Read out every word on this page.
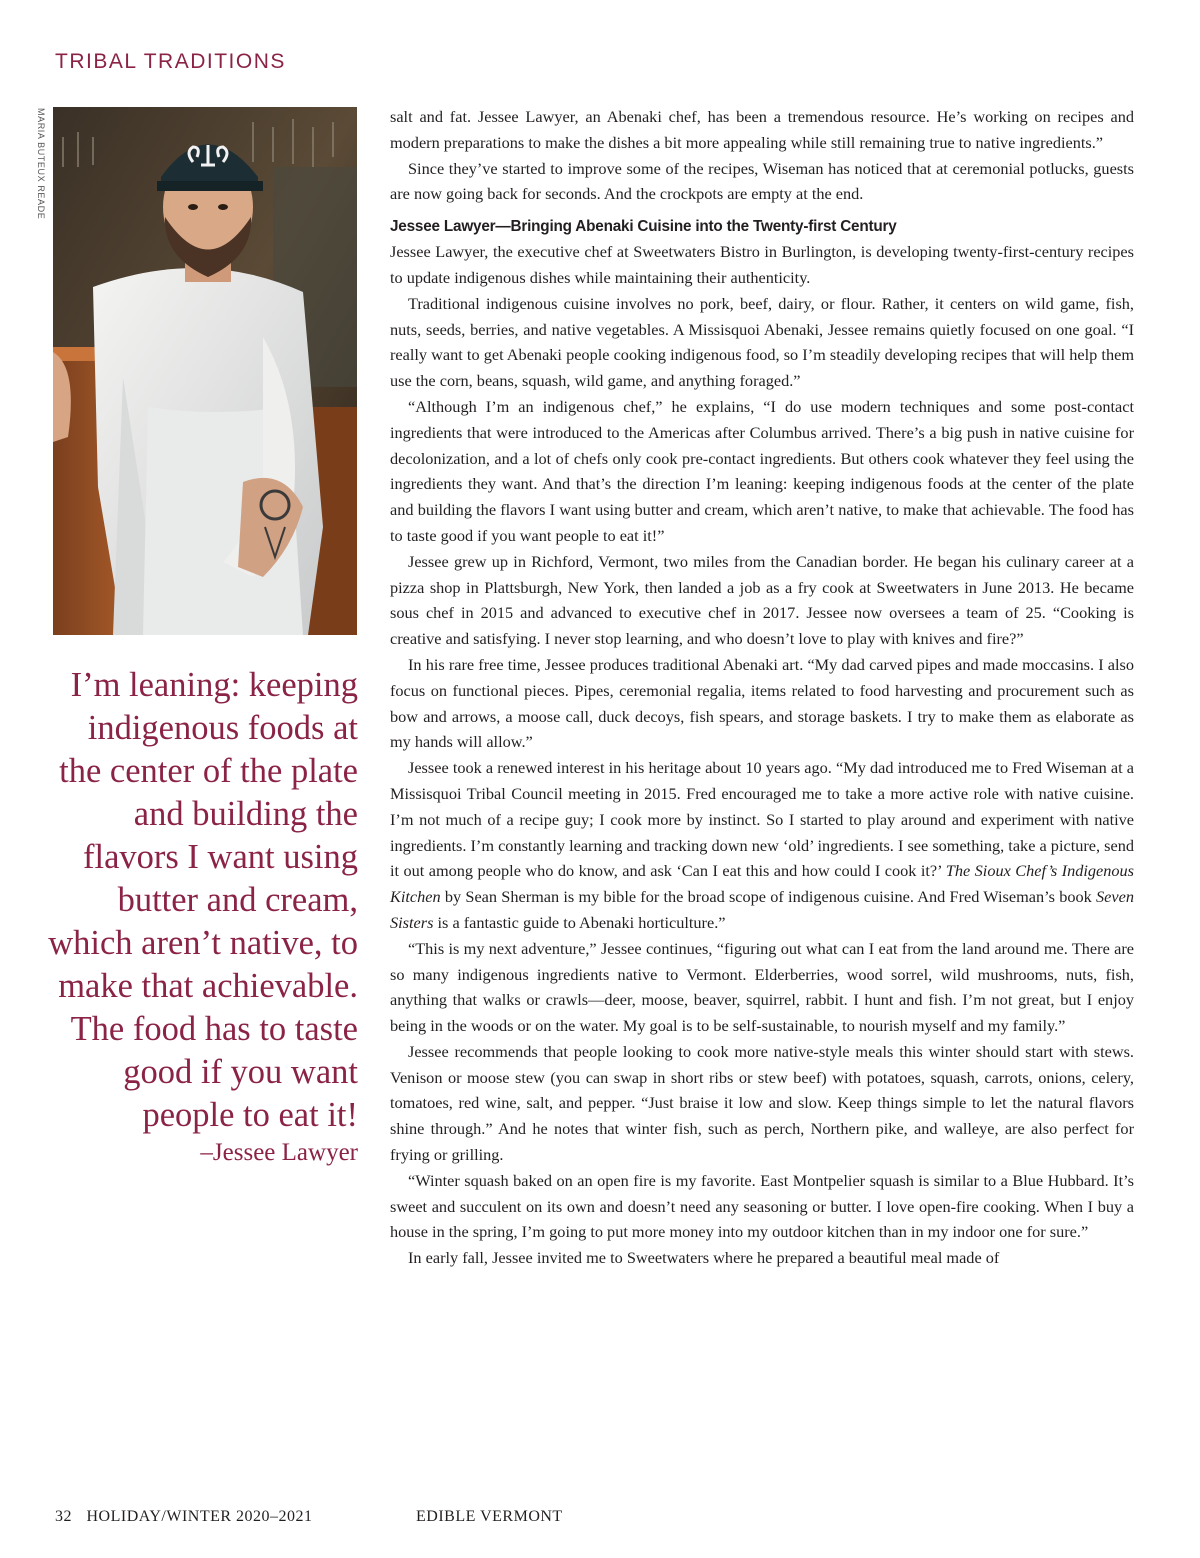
TRIBAL TRADITIONS
MARIA BUTEUX READE
I’m leaning: keeping
indigenous foods at
the center of the plate
and building the
flavors I want using
butter and cream,
which aren’t native, to
make that achievable.
The food has to taste
good if you want
people to eat it!
–Jessee Lawyer

salt and fat. Jessee Lawyer, an Abenaki chef, has been a tremendous resource. He’s working on recipes and modern preparations to make the dishes a bit more appealing while still remaining true to native ingredients.”

Since they’ve started to improve some of the recipes, Wiseman has noticed that at ceremonial potlucks, guests are now going back for seconds. And the crockpots are empty at the end.

Jessee Lawyer—Bringing Abenaki Cuisine into the Twenty-first Century

Jessee Lawyer, the executive chef at Sweetwaters Bistro in Burlington, is developing twenty-first-century recipes to update indigenous dishes while maintaining their authenticity.

Traditional indigenous cuisine involves no pork, beef, dairy, or flour. Rather, it centers on wild game, fish, nuts, seeds, berries, and native vegetables. A Missisquoi Abenaki, Jessee remains quietly focused on one goal. “I really want to get Abenaki people cooking indigenous food, so I’m steadily developing recipes that will help them use the corn, beans, squash, wild game, and anything foraged.”

“Although I’m an indigenous chef,” he explains, “I do use modern techniques and some post-contact ingredients that were introduced to the Americas after Columbus arrived. There’s a big push in native cuisine for decolonization, and a lot of chefs only cook pre-contact ingredients. But others cook whatever they feel using the ingredients they want. And that’s the direction I’m leaning: keeping indigenous foods at the center of the plate and building the flavors I want using butter and cream, which aren’t native, to make that achievable. The food has to taste good if you want people to eat it!”

Jessee grew up in Richford, Vermont, two miles from the Canadian border. He began his culinary career at a pizza shop in Plattsburgh, New York, then landed a job as a fry cook at Sweetwaters in June 2013. He became sous chef in 2015 and advanced to executive chef in 2017. Jessee now oversees a team of 25. “Cooking is creative and satisfying. I never stop learning, and who doesn’t love to play with knives and fire?”

In his rare free time, Jessee produces traditional Abenaki art. “My dad carved pipes and made moccasins. I also focus on functional pieces. Pipes, ceremonial regalia, items related to food harvesting and procurement such as bow and arrows, a moose call, duck decoys, fish spears, and storage baskets. I try to make them as elaborate as my hands will allow.”

Jessee took a renewed interest in his heritage about 10 years ago. “My dad introduced me to Fred Wiseman at a Missisquoi Tribal Council meeting in 2015. Fred encouraged me to take a more active role with native cuisine. I’m not much of a recipe guy; I cook more by instinct. So I started to play around and experiment with native ingredients. I’m constantly learning and tracking down new ‘old’ ingredients. I see something, take a picture, send it out among people who do know, and ask ‘Can I eat this and how could I cook it?’ The Sioux Chef’s Indigenous Kitchen by Sean Sherman is my bible for the broad scope of indigenous cuisine. And Fred Wiseman’s book Seven Sisters is a fantastic guide to Abenaki horticulture.”

“This is my next adventure,” Jessee continues, “figuring out what can I eat from the land around me. There are so many indigenous ingredients native to Vermont. Elderberries, wood sorrel, wild mushrooms, nuts, fish, anything that walks or crawls—deer, moose, beaver, squirrel, rabbit. I hunt and fish. I’m not great, but I enjoy being in the woods or on the water. My goal is to be self-sustainable, to nourish myself and my family.”

Jessee recommends that people looking to cook more native-style meals this winter should start with stews. Venison or moose stew (you can swap in short ribs or stew beef) with potatoes, squash, carrots, onions, celery, tomatoes, red wine, salt, and pepper. “Just braise it low and slow. Keep things simple to let the natural flavors shine through.” And he notes that winter fish, such as perch, Northern pike, and walleye, are also perfect for frying or grilling.

“Winter squash baked on an open fire is my favorite. East Montpelier squash is similar to a Blue Hubbard. It’s sweet and succulent on its own and doesn’t need any seasoning or butter. I love open-fire cooking. When I buy a house in the spring, I’m going to put more money into my outdoor kitchen than in my indoor one for sure.”

In early fall, Jessee invited me to Sweetwaters where he prepared a beautiful meal made of

32 HOLIDAY/WINTER 2020–2021	EDIBLE VERMONT
